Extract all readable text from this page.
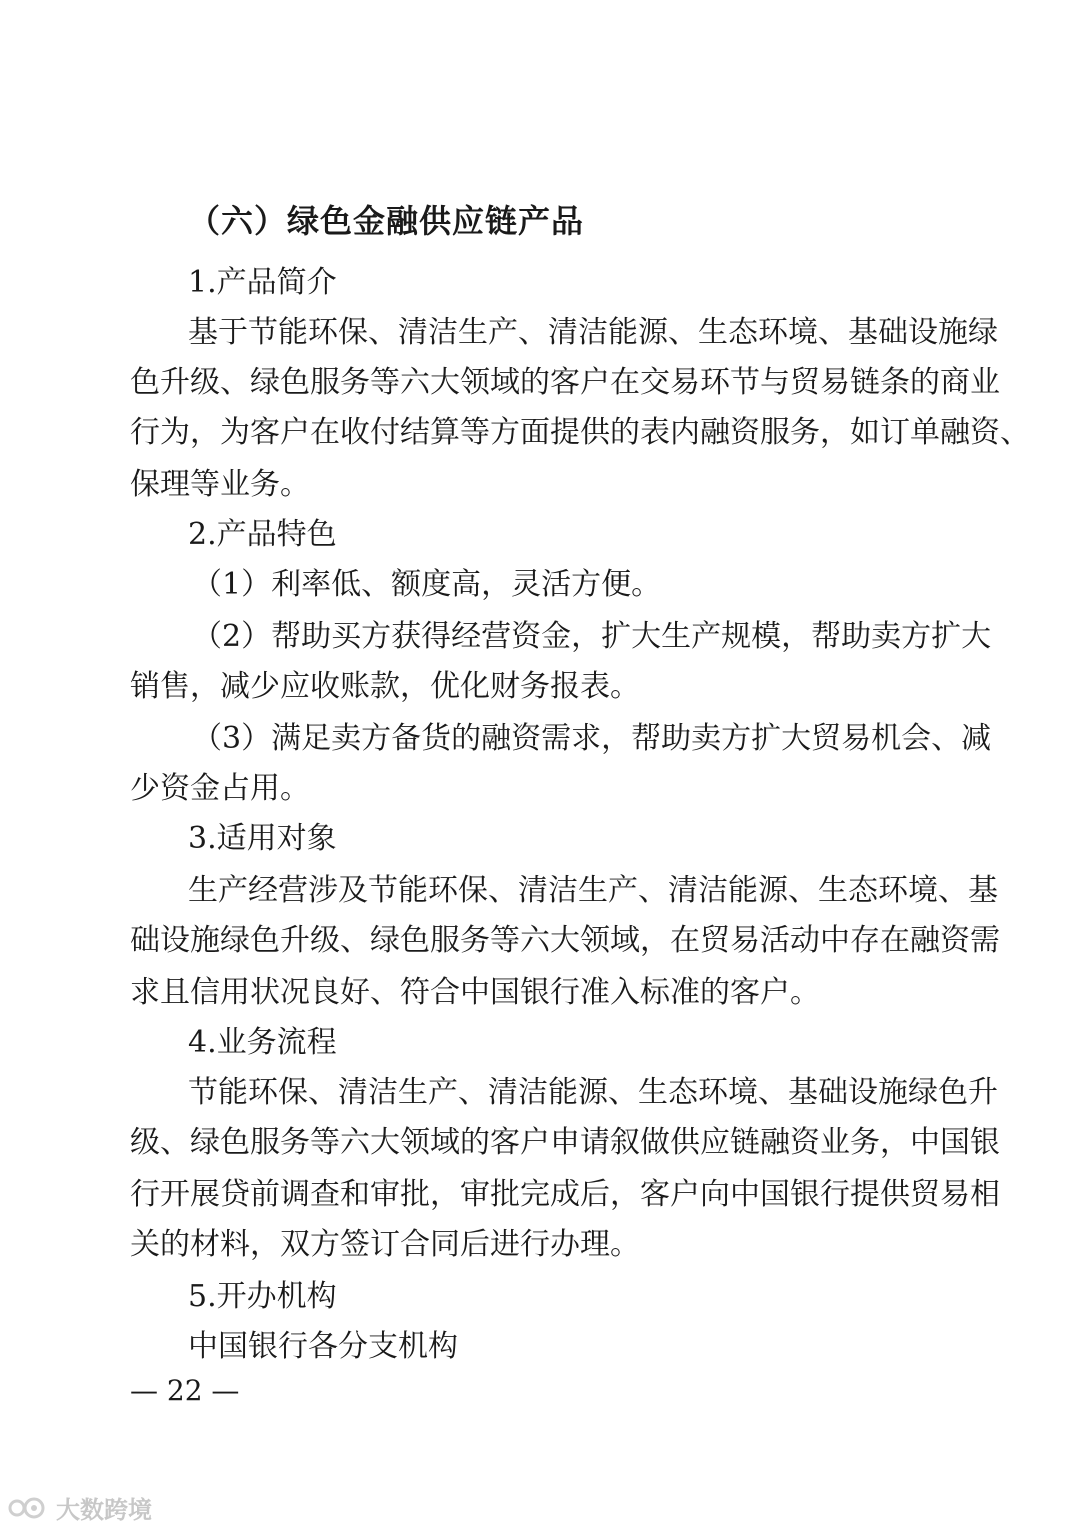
（六）绿色金融供应链产品
1.产品简介
基于节能环保、清洁生产、清洁能源、生态环境、基础设施绿
色升级、绿色服务等六大领域的客户在交易环节与贸易链条的商业
行为，为客户在收付结算等方面提供的表内融资服务，如订单融资、
保理等业务。
2.产品特色
（1）利率低、额度高，灵活方便。
（2）帮助买方获得经营资金，扩大生产规模，帮助卖方扩大
销售，减少应收账款，优化财务报表。
（3）满足卖方备货的融资需求，帮助卖方扩大贸易机会、减
少资金占用。
3.适用对象
生产经营涉及节能环保、清洁生产、清洁能源、生态环境、基
础设施绿色升级、绿色服务等六大领域，在贸易活动中存在融资需
求且信用状况良好、符合中国银行准入标准的客户。
4.业务流程
节能环保、清洁生产、清洁能源、生态环境、基础设施绿色升
级、绿色服务等六大领域的客户申请叙做供应链融资业务，中国银
行开展贷前调查和审批，审批完成后，客户向中国银行提供贸易相
关的材料，双方签订合同后进行办理。
5.开办机构
中国银行各分支机构
— 22 —
大数跨境
